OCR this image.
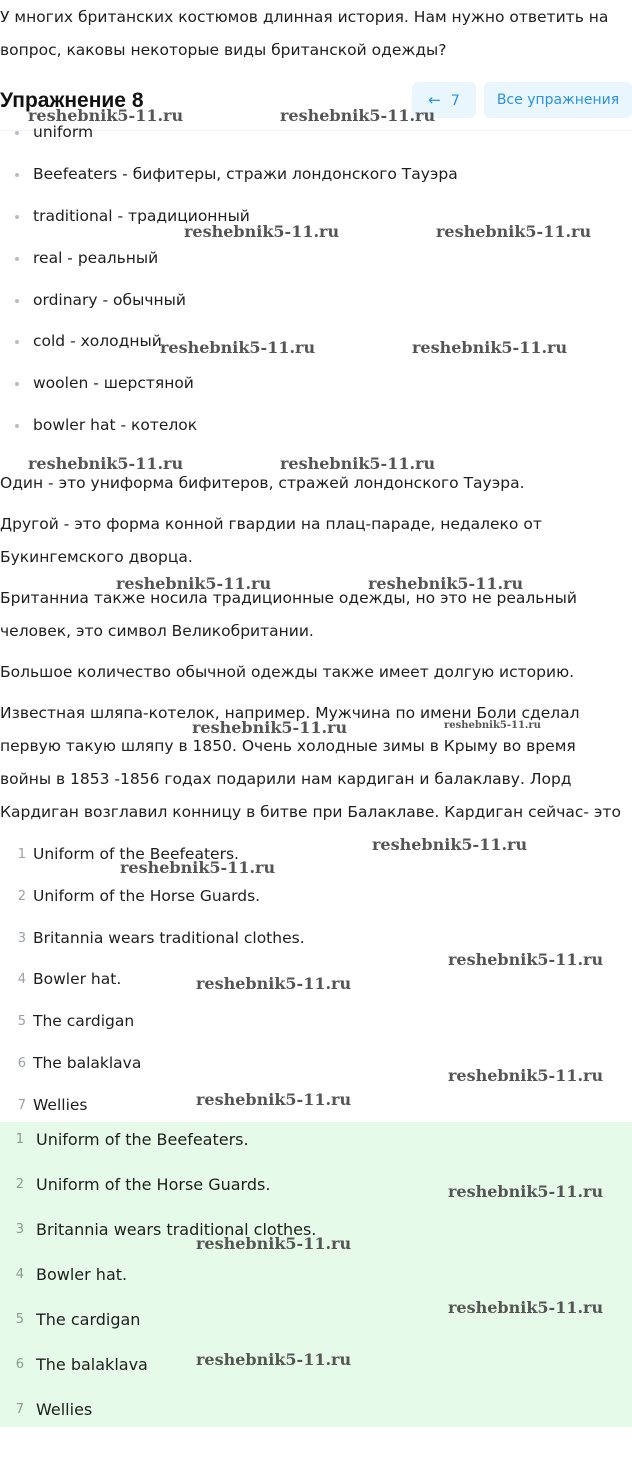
У многих британских костюмов длинная история. Нам нужно ответить на вопрос, каковы некоторые виды британской одежды?

Упражнение 8	← 7	Все упражнения
uniform
Beefeaters - бифитеры, стражи лондонского Тауэра
traditional - традиционный
real - реальный
ordinary - обычный
cold - холодный
woolen - шерстяной
bowler hat - котелок

Один - это униформа бифитеров, стражей лондонского Тауэра.

Другой - это форма конной гвардии на плац-параде, недалеко от Букингемского дворца.

Британниа также носила традиционные одежды, но это не реальный человек, это символ Великобритании.

Большое количество обычной одежды также имеет долгую историю.

Известная шляпа-котелок, например. Мужчина по имени Боли сделал первую такую шляпу в 1850. Очень холодные зимы в Крыму во время войны в 1853 -1856 годах подарили нам кардиган и балаклаву. Лорд Кардиган возглавил конницу в битве при Балаклаве. Кардиган сейчас- это

1 Uniform of the Beefeaters.
2 Uniform of the Horse Guards.
3 Britannia wears traditional clothes.
4 Bowler hat.
5 The cardigan
6 The balaklava
7 Wellies
1 Uniform of the Beefeaters.
2 Uniform of the Horse Guards.
3 Britannia wears traditional clothes.
4 Bowler hat.
5 The cardigan
6 The balaklava
7 Wellies
reshebnik5-11.ru	reshebnik5-11.ru
reshebnik5-11.ru	reshebnik5-11.ru
reshebnik5-11.ru	reshebnik5-11.ru
reshebnik5-11.ru	reshebnik5-11.ru
reshebnik5-11.ru	reshebnik5-11.ru
reshebnik5-11.ru	reshebnik5-11.ru
reshebnik5-11.ru
reshebnik5-11.ru
reshebnik5-11.ru
reshebnik5-11.ru
reshebnik5-11.ru
reshebnik5-11.ru
reshebnik5-11.ru
reshebnik5-11.ru
reshebnik5-11.ru
reshebnik5-11.ru
